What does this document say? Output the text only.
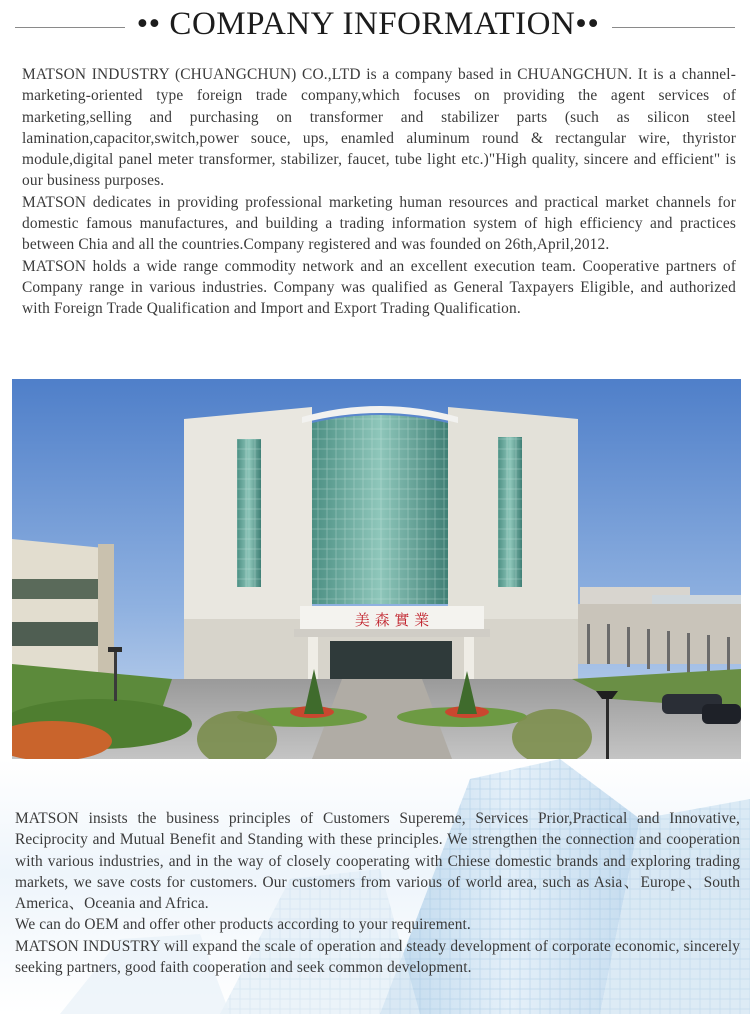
•• COMPANY INFORMATION••

MATSON INDUSTRY (CHUANGCHUN) CO.,LTD is a company based in CHUANGCHUN. It is a channel-marketing-oriented type foreign trade company,which focuses on providing the agent services of marketing,selling and purchasing on transformer and stabilizer parts (such as silicon steel lamination,capacitor,switch,power souce, ups, enamled aluminum round & rectangular wire, thyristor module,digital panel meter transformer, stabilizer, faucet, tube light etc.)"High quality, sincere and efficient" is our business purposes.

MATSON dedicates in providing professional marketing human resources and practical market channels for domestic famous manufactures, and building a trading information system of high efficiency and practices between Chia and all the countries.Company registered and was founded on 26th,April,2012.

MATSON holds a wide range commodity network and an excellent execution team. Cooperative partners of Company range in various industries. Company was qualified as General Taxpayers Eligible, and authorized with Foreign Trade Qualification and Import and Export Trading Qualification.

美 森 實 業

MATSON insists the business principles of Customers Supereme, Services Prior,Practical and Innovative, Reciprocity and Mutual Benefit and Standing with these principles. We strengthen the connection and cooperation with various industries, and in the way of closely cooperating with Chiese domestic brands and exploring trading markets, we save costs for customers. Our customers from various of world area, such as Asia、Europe、South America、Oceania and Africa.

We can do OEM and offer other products according to your requirement.

MATSON INDUSTRY will expand the scale of operation and steady development of corporate economic, sincerely seeking partners, good faith cooperation and seek common development.
